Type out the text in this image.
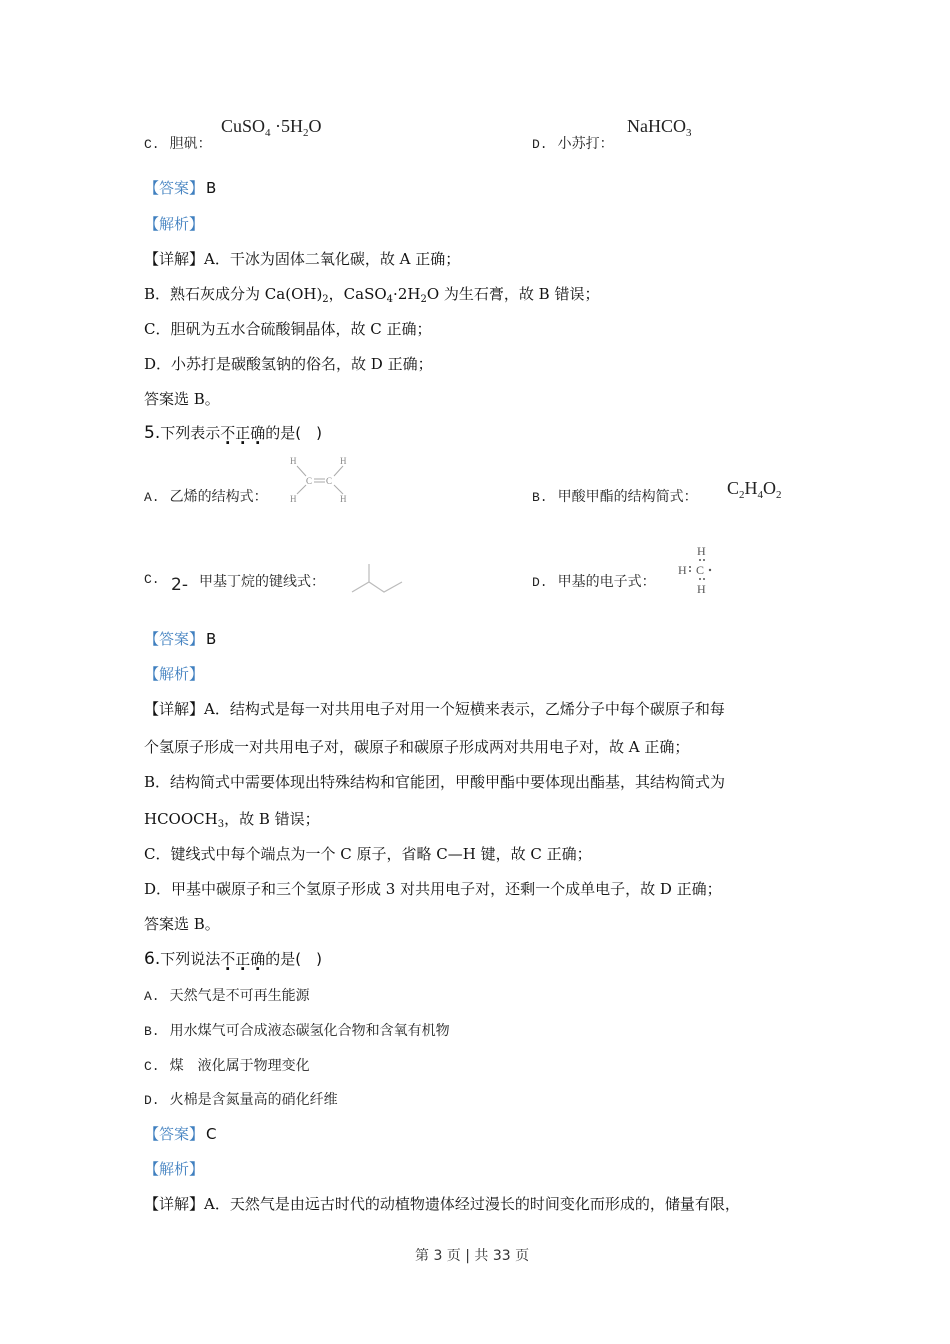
C. 胆矾：
CuSO$_4$ $\cdot 5H_2O$
D. 小苏打：
NaHCO$_3$
【答案】 B
【解析】
【详解】A．干冰为固体二氧化碳，故 A 正确；
B．熟石灰成分为 $Ca(OH)_2$，$CaSO_4\cdot 2H_2O$ 为生石膏，故 B 错误；
C．胆矾为五水合硫酸铜晶体，故 C 正确；
D．小苏打是碳酸氢钠的俗名，故 D 正确；
答案选 B。
5.下列表示不正确的是(　)
A. 乙烯的结构式：
H	H
H	H
C C
B. 甲酸甲酯的结构简式： $C_2H_4O_2$
C. 2- 甲基丁烷的键线式：	D. 甲基的电子式：
H
H C
H
【答案】 B
【解析】
【详解】A．结构式是每一对共用电子对用一个短横来表示，乙烯分子中每个碳原子和每
个氢原子形成一对共用电子对，碳原子和碳原子形成两对共用电子对，故 A 正确；
B．结构简式中需要体现出特殊结构和官能团，甲酸甲酯中要体现出酯基，其结构简式为
$HCOOCH_3$，故 B 错误；
C．键线式中每个端点为一个 C 原子，省略 C—H 键，故 C 正确；
D．甲基中碳原子和三个氢原子形成 3 对共用电子对，还剩一个成单电子，故 D 正确；
答案选 B。
6.下列说法不正确的是(　)
A. 天然气是不可再生能源
B. 用水煤气可合成液态碳氢化合物和含氧有机物
C. 煤　液化属于物理变化
D. 火棉是含氮量高的硝化纤维
【答案】 C
【解析】
【详解】A．天然气是由远古时代的动植物遗体经过漫长的时间变化而形成的，储量有限，
第 3 页 | 共 33 页
